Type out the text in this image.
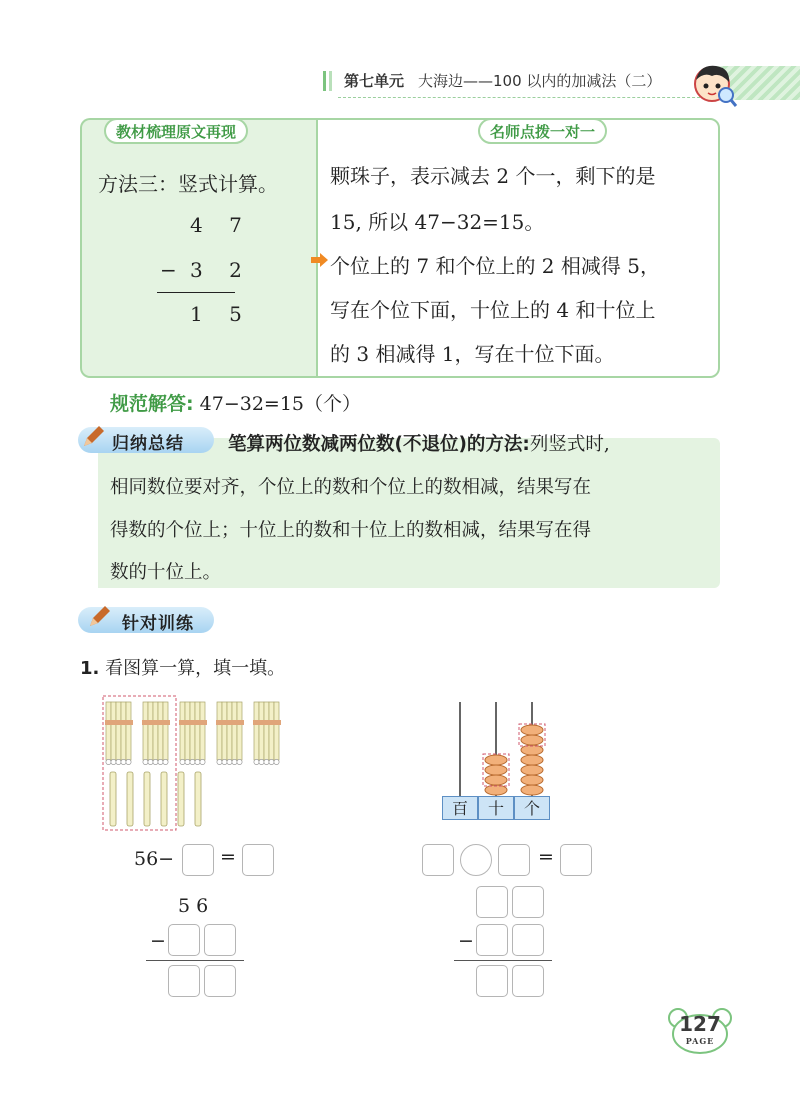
第七单元 大海边——100 以内的加减法（二）
教材梳理原文再现	名师点拨一对一
方法三：竖式计算。
4 7
− 3 2
1 5
颗珠子，表示减去 2 个一，剩下的是
15, 所以 47−32=15。
个位上的 7 和个位上的 2 相减得 5，
写在个位下面，十位上的 4 和十位上
的 3 相减得 1，写在十位下面。
规范解答: 47−32=15（个）
归纳总结 笔算两位数减两位数(不退位)的方法:列竖式时,
相同数位要对齐，个位上的数和个位上的数相减，结果写在
得数的个位上；十位上的数和十位上的数相减，结果写在得
数的十位上。
针对训练
1. 看图算一算，填一填。
百	十	个
56− =
5 6
−
=
−
127
PAGE
